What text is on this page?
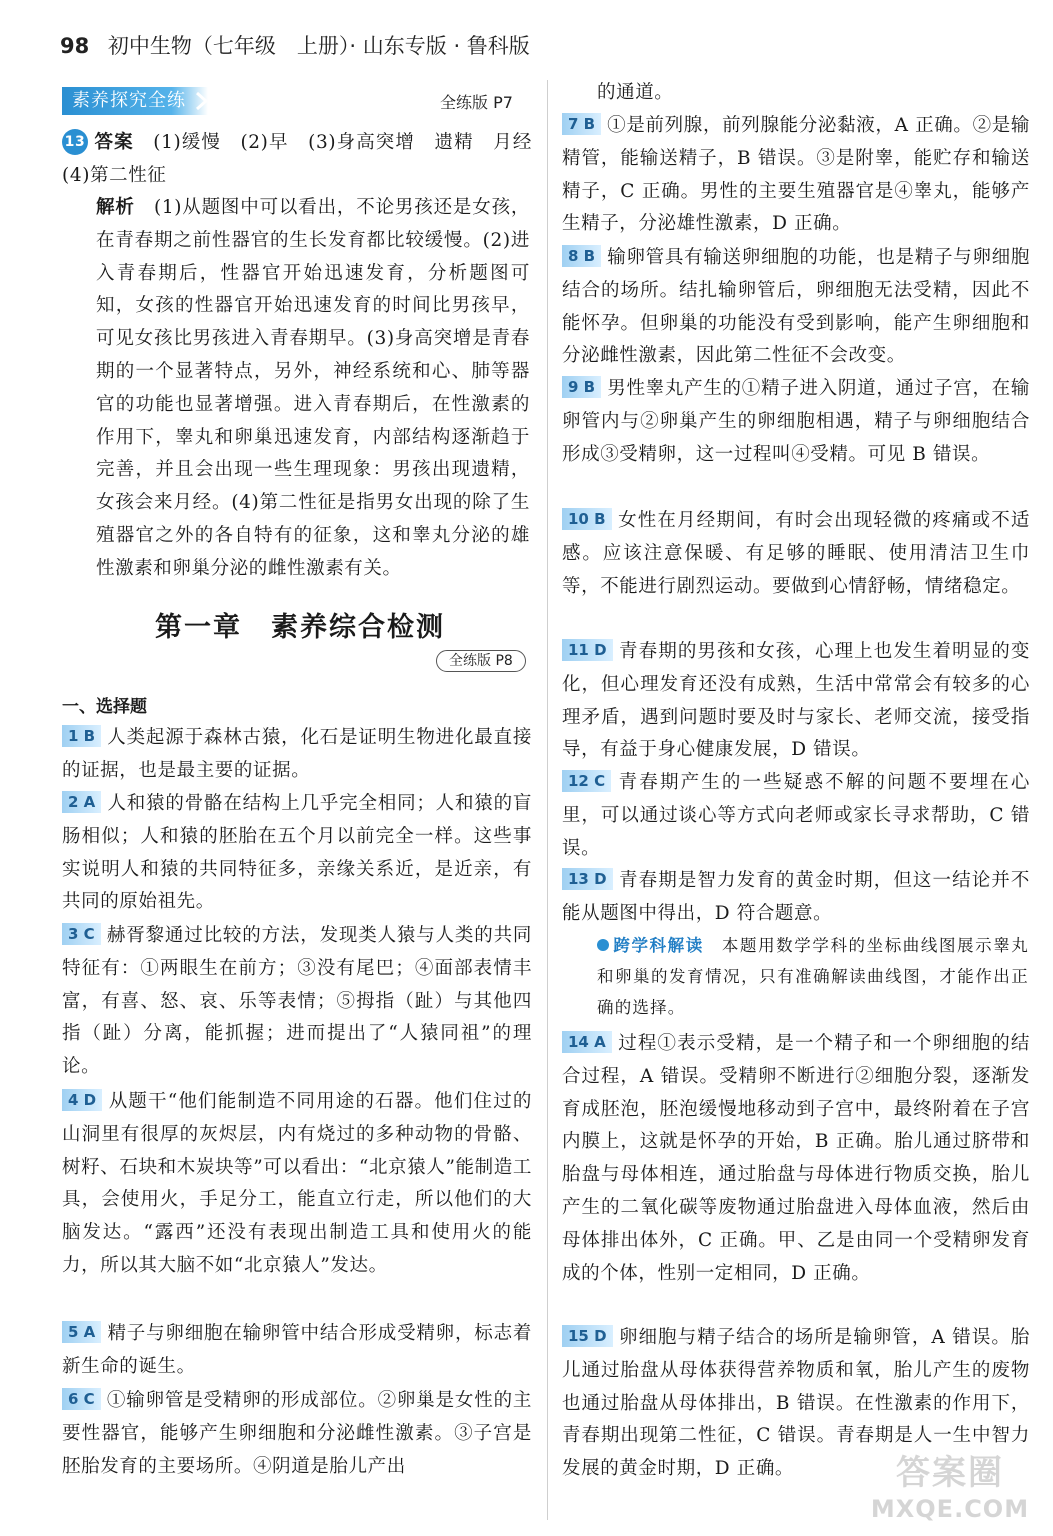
98 初中生物（七年级　上册）· 山东专版 · 鲁科版
素养探究全练	全练版 P7
13 答案　 (1)缓慢　(2)早　(3)身高突增　遗精　月经　(4)第二性征
解析　 (1)从题图中可以看出，不论男孩还是女孩，在青春期之前性器官的生长发育都比较缓慢。(2)进入青春期后，性器官开始迅速发育，分析题图可知，女孩的性器官开始迅速发育的时间比男孩早，可见女孩比男孩进入青春期早。(3)身高突增是青春期的一个显著特点，另外，神经系统和心、肺等器官的功能也显著增强。进入青春期后，在性激素的作用下，睾丸和卵巢迅速发育，内部结构逐渐趋于完善，并且会出现一些生理现象：男孩出现遗精，女孩会来月经。(4)第二性征是指男女出现的除了生殖器官之外的各自特有的征象，这和睾丸分泌的雄性激素和卵巢分泌的雌性激素有关。
第一章　素养综合检测
全练版 P8
一、选择题
1 B 人类起源于森林古猿，化石是证明生物进化最直接的证据，也是最主要的证据。
2 A 人和猿的骨骼在结构上几乎完全相同；人和猿的盲肠相似；人和猿的胚胎在五个月以前完全一样。这些事实说明人和猿的共同特征多，亲缘关系近，是近亲，有共同的原始祖先。
3 C 赫胥黎通过比较的方法，发现类人猿与人类的共同特征有：①两眼生在前方；③没有尾巴；④面部表情丰富，有喜、怒、哀、乐等表情；⑤拇指（趾）与其他四指（趾）分离，能抓握；进而提出了“人猿同祖”的理论。
4 D 从题干“他们能制造不同用途的石器。他们住过的山洞里有很厚的灰烬层，内有烧过的多种动物的骨骼、树籽、石块和木炭块等”可以看出：“北京猿人”能制造工具，会使用火，手足分工，能直立行走，所以他们的大脑发达。“露西”还没有表现出制造工具和使用火的能力，所以其大脑不如“北京猿人”发达。
5 A 精子与卵细胞在输卵管中结合形成受精卵，标志着新生命的诞生。
6 C ①输卵管是受精卵的形成部位。②卵巢是女性的主要性器官，能够产生卵细胞和分泌雌性激素。③子宫是胚胎发育的主要场所。④阴道是胎儿产出
的通道。
7 B ①是前列腺，前列腺能分泌黏液，A 正确。②是输精管，能输送精子，B 错误。③是附睾，能贮存和输送精子，C 正确。男性的主要生殖器官是④睾丸，能够产生精子，分泌雄性激素，D 正确。
8 B 输卵管具有输送卵细胞的功能，也是精子与卵细胞结合的场所。结扎输卵管后，卵细胞无法受精，因此不能怀孕。但卵巢的功能没有受到影响，能产生卵细胞和分泌雌性激素，因此第二性征不会改变。
9 B 男性睾丸产生的①精子进入阴道，通过子宫，在输卵管内与②卵巢产生的卵细胞相遇，精子与卵细胞结合形成③受精卵，这一过程叫④受精。可见 B 错误。
10 B 女性在月经期间，有时会出现轻微的疼痛或不适感。应该注意保暖、有足够的睡眠、使用清洁卫生巾等，不能进行剧烈运动。要做到心情舒畅，情绪稳定。
11 D 青春期的男孩和女孩，心理上也发生着明显的变化，但心理发育还没有成熟，生活中常常会有较多的心理矛盾，遇到问题时要及时与家长、老师交流，接受指导，有益于身心健康发展，D 错误。
12 C 青春期产生的一些疑惑不解的问题不要埋在心里，可以通过谈心等方式向老师或家长寻求帮助，C 错误。
13 D 青春期是智力发育的黄金时期，但这一结论并不能从题图中得出，D 符合题意。
跨学科解读　 本题用数学学科的坐标曲线图展示睾丸和卵巢的发育情况，只有准确解读曲线图，才能作出正确的选择。
14 A 过程①表示受精，是一个精子和一个卵细胞的结合过程，A 错误。受精卵不断进行②细胞分裂，逐渐发育成胚泡，胚泡缓慢地移动到子宫中，最终附着在子宫内膜上，这就是怀孕的开始，B 正确。胎儿通过脐带和胎盘与母体相连，通过胎盘与母体进行物质交换，胎儿产生的二氧化碳等废物通过胎盘进入母体血液，然后由母体排出体外，C 正确。甲、乙是由同一个受精卵发育成的个体，性别一定相同，D 正确。
15 D 卵细胞与精子结合的场所是输卵管，A 错误。胎儿通过胎盘从母体获得营养物质和氧，胎儿产生的废物也通过胎盘从母体排出，B 错误。在性激素的作用下，青春期出现第二性征，C 错误。青春期是人一生中智力发展的黄金时期，D 正确。	答案圈
MXQE.COM
